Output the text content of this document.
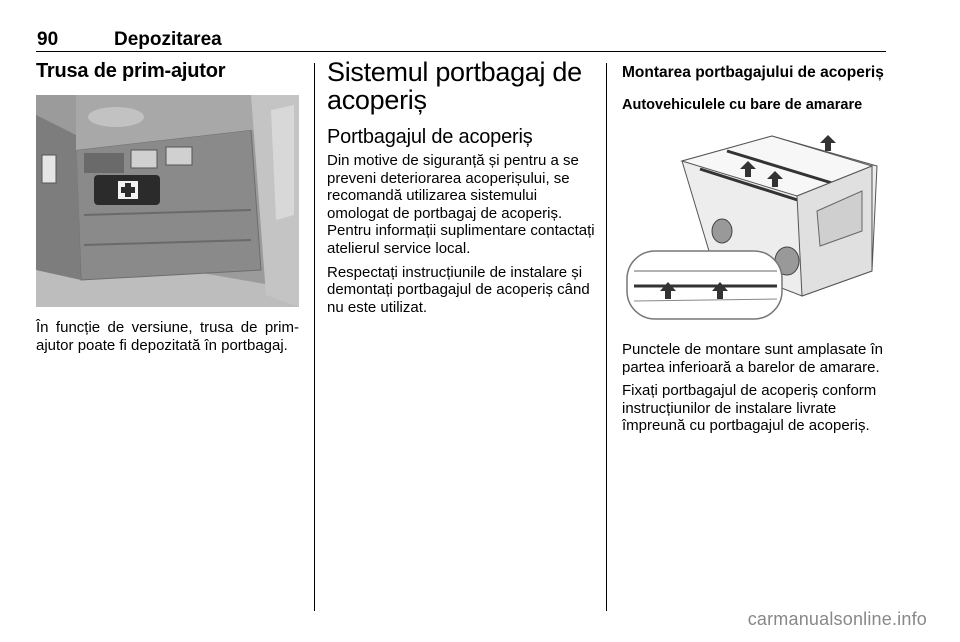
90	Depozitarea
Trusa de prim-ajutor

În funcție de versiune, trusa de prim-ajutor poate fi depozitată în portbagaj.

Sistemul portbagaj de acoperiș
Portbagajul de acoperiș

Din motive de siguranță și pentru a se preveni deteriorarea acoperișului, se recomandă utilizarea sistemului omologat de portbagaj de acoperiș. Pentru informații suplimentare contactați atelierul service local.

Respectați instrucțiunile de instalare și demontați portbagajul de acoperiș când nu este utilizat.

Montarea portbagajului de acoperiș
Autovehiculele cu bare de amarare

Punctele de montare sunt amplasate în partea inferioară a barelor de amarare.

Fixați portbagajul de acoperiș conform instrucțiunilor de instalare livrate împreună cu portbagajul de acoperiș.

carmanualsonline.info
